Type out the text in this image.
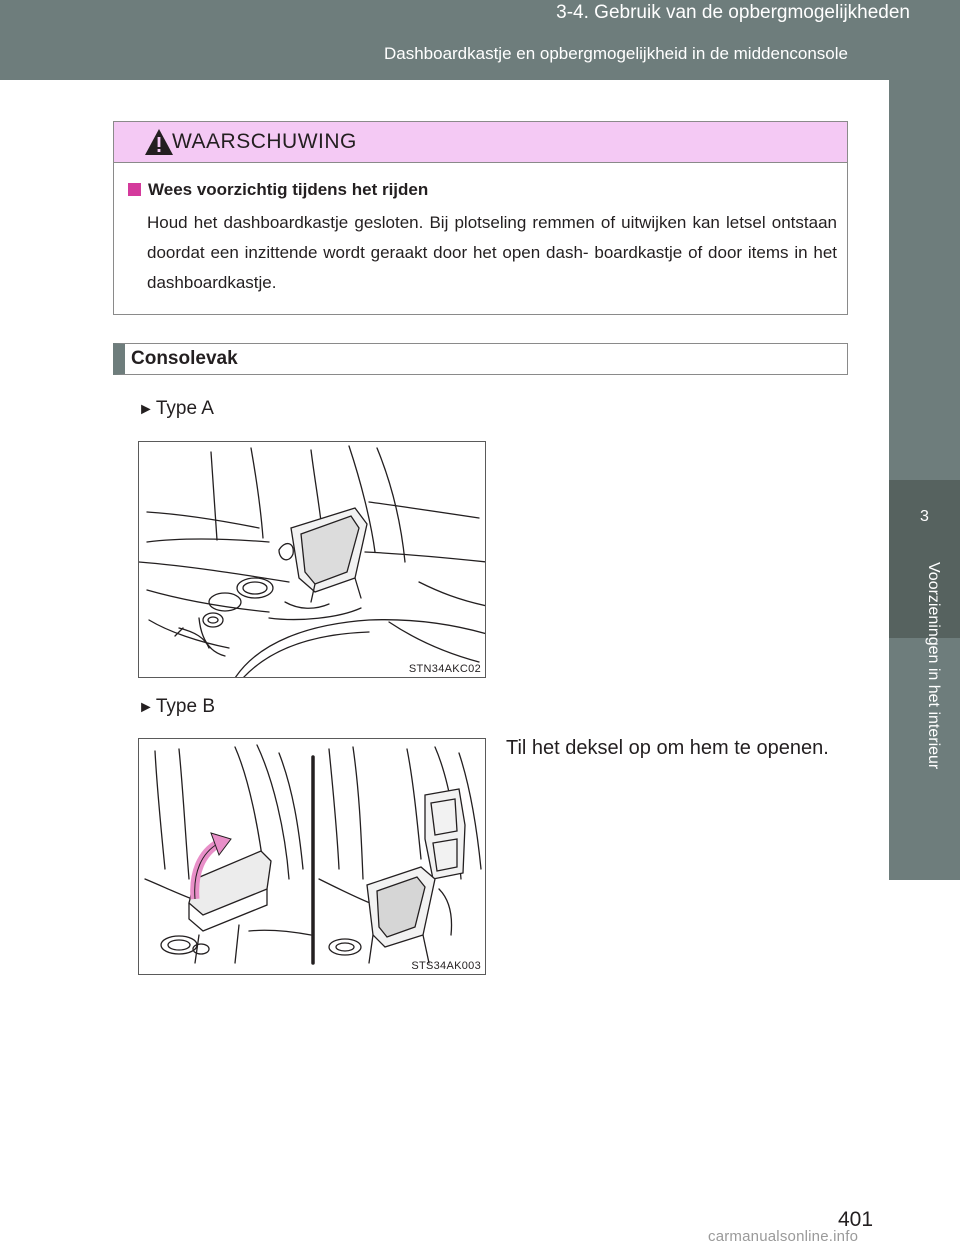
3-4. Gebruik van de opbergmogelijkheden
Dashboardkastje en opbergmogelijkheid in de middenconsole
3
Voorzieningen in het interieur
WAARSCHUWING
Wees voorzichtig tijdens het rijden
Houd het dashboardkastje gesloten. Bij plotseling remmen of uitwijken kan letsel ontstaan doordat een inzittende wordt geraakt door het open dash- boardkastje of door items in het dashboardkastje.
Consolevak
► Type A
STN34AKC02
► Type B
STS34AK003
Til het deksel op om hem te openen.
401
carmanualsonline.info
